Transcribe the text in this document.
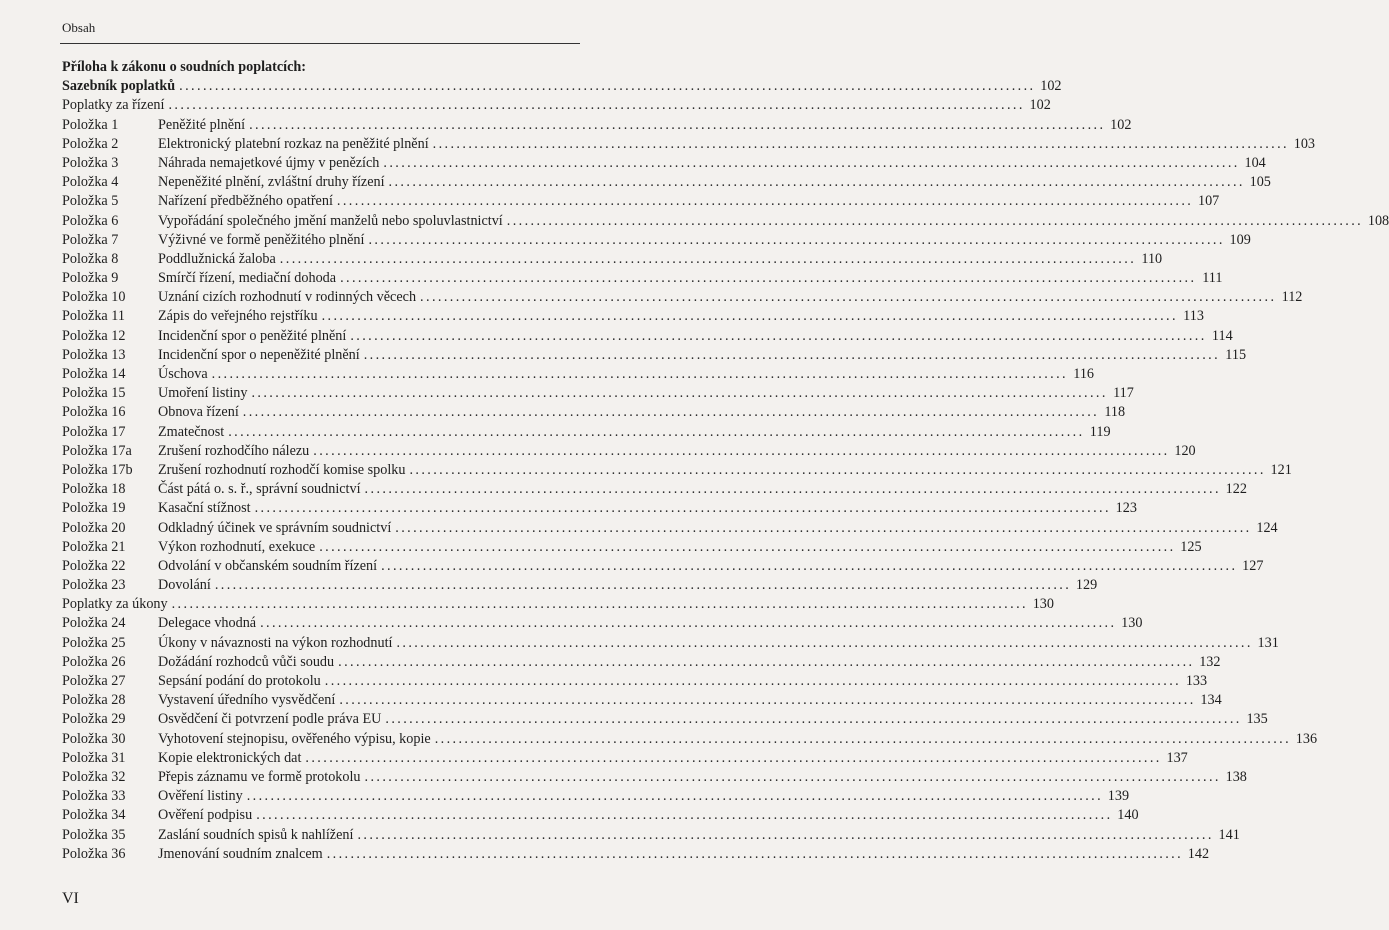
Obsah
Příloha k zákonu o soudních poplatcích:
Sazebník poplatků ................................................................................................................................................ 102
Poplatky za řízení ................................................................................................................................................ 102
Položka 1	Peněžité plnění ................................................................................................................................................ 102
Položka 2	Elektronický platební rozkaz na peněžité plnění ................................................................................................................................................ 103
Položka 3	Náhrada nemajetkové újmy v penězích ................................................................................................................................................ 104
Položka 4	Nepeněžité plnění, zvláštní druhy řízení ................................................................................................................................................ 105
Položka 5	Nařízení předběžného opatření ................................................................................................................................................ 107
Položka 6	Vypořádání společného jmění manželů nebo spoluvlastnictví ................................................................................................................................................ 108
Položka 7	Výživné ve formě peněžitého plnění ................................................................................................................................................ 109
Položka 8	Poddlužnická žaloba ................................................................................................................................................ 110
Položka 9	Smírčí řízení, mediační dohoda ................................................................................................................................................ 111
Položka 10	Uznání cizích rozhodnutí v rodinných věcech ................................................................................................................................................ 112
Položka 11	Zápis do veřejného rejstříku ................................................................................................................................................ 113
Položka 12	Incidenční spor o peněžité plnění ................................................................................................................................................ 114
Položka 13	Incidenční spor o nepeněžité plnění ................................................................................................................................................ 115
Položka 14	Úschova ................................................................................................................................................ 116
Položka 15	Umoření listiny ................................................................................................................................................ 117
Položka 16	Obnova řízení ................................................................................................................................................ 118
Položka 17	Zmatečnost ................................................................................................................................................ 119
Položka 17a	Zrušení rozhodčího nálezu ................................................................................................................................................ 120
Položka 17b	Zrušení rozhodnutí rozhodčí komise spolku ................................................................................................................................................ 121
Položka 18	Část pátá o. s. ř., správní soudnictví ................................................................................................................................................ 122
Položka 19	Kasační stížnost ................................................................................................................................................ 123
Položka 20	Odkladný účinek ve správním soudnictví ................................................................................................................................................ 124
Položka 21	Výkon rozhodnutí, exekuce ................................................................................................................................................ 125
Položka 22	Odvolání v občanském soudním řízení ................................................................................................................................................ 127
Položka 23	Dovolání ................................................................................................................................................ 129
Poplatky za úkony ................................................................................................................................................ 130
Položka 24	Delegace vhodná ................................................................................................................................................ 130
Položka 25	Úkony v návaznosti na výkon rozhodnutí ................................................................................................................................................ 131
Položka 26	Dožádání rozhodců vůči soudu ................................................................................................................................................ 132
Položka 27	Sepsání podání do protokolu ................................................................................................................................................ 133
Položka 28	Vystavení úředního vysvědčení ................................................................................................................................................ 134
Položka 29	Osvědčení či potvrzení podle práva EU ................................................................................................................................................ 135
Položka 30	Vyhotovení stejnopisu, ověřeného výpisu, kopie ................................................................................................................................................ 136
Položka 31	Kopie elektronických dat ................................................................................................................................................ 137
Položka 32	Přepis záznamu ve formě protokolu ................................................................................................................................................ 138
Položka 33	Ověření listiny ................................................................................................................................................ 139
Položka 34	Ověření podpisu ................................................................................................................................................ 140
Položka 35	Zaslání soudních spisů k nahlížení ................................................................................................................................................ 141
Položka 36	Jmenování soudním znalcem ................................................................................................................................................ 142
VI
